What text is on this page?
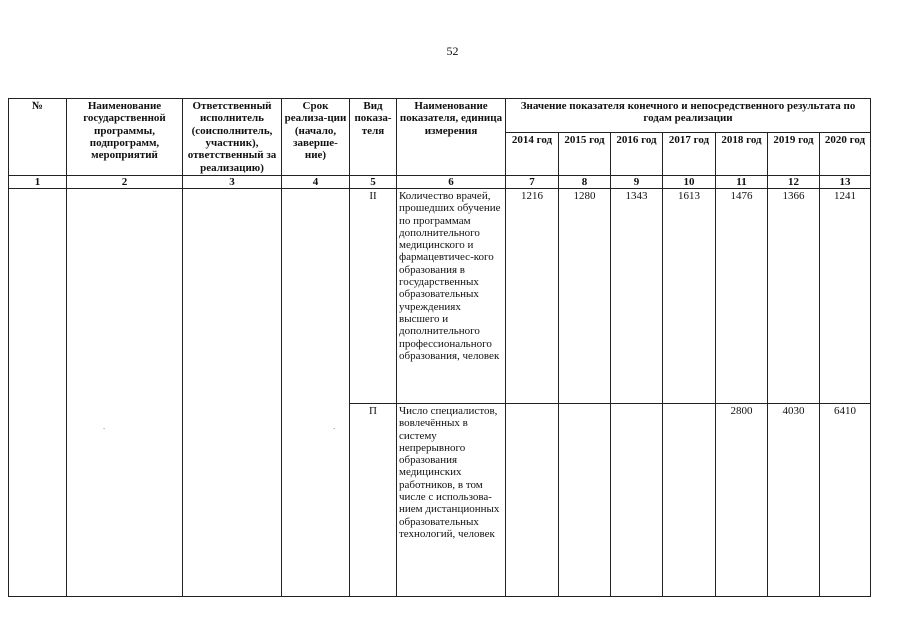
52
№	Наименование государственной программы, подпрограмм, мероприятий	Ответственный исполнитель (соисполнитель, участник), ответственный за реализацию)	Срок реализа-ции (начало, заверше-ние)	Вид показа-теля	Наименование показателя, единица измерения	Значение показателя конечного и непосредственного результата по годам реализации						
						2014 год	2015 год	2016 год	2017 год	2018 год	2019 год	2020 год
1	2	3	4	5	6	7	8	9	10	11	12	13
				II	Количество врачей, прошедших обучение по программам дополнительного медицинского и фармацевтичес-кого образования в государственных образовательных учреждениях высшего и дополнительного профессионального образования, человек	1216	1280	1343	1613	1476	1366	1241
				П	Число специалистов, вовлечённых в систему непрерывного образования медицинских работников, в том числе с использова-нием дистанционных образовательных технологий, человек					2800	4030	6410
-	-
